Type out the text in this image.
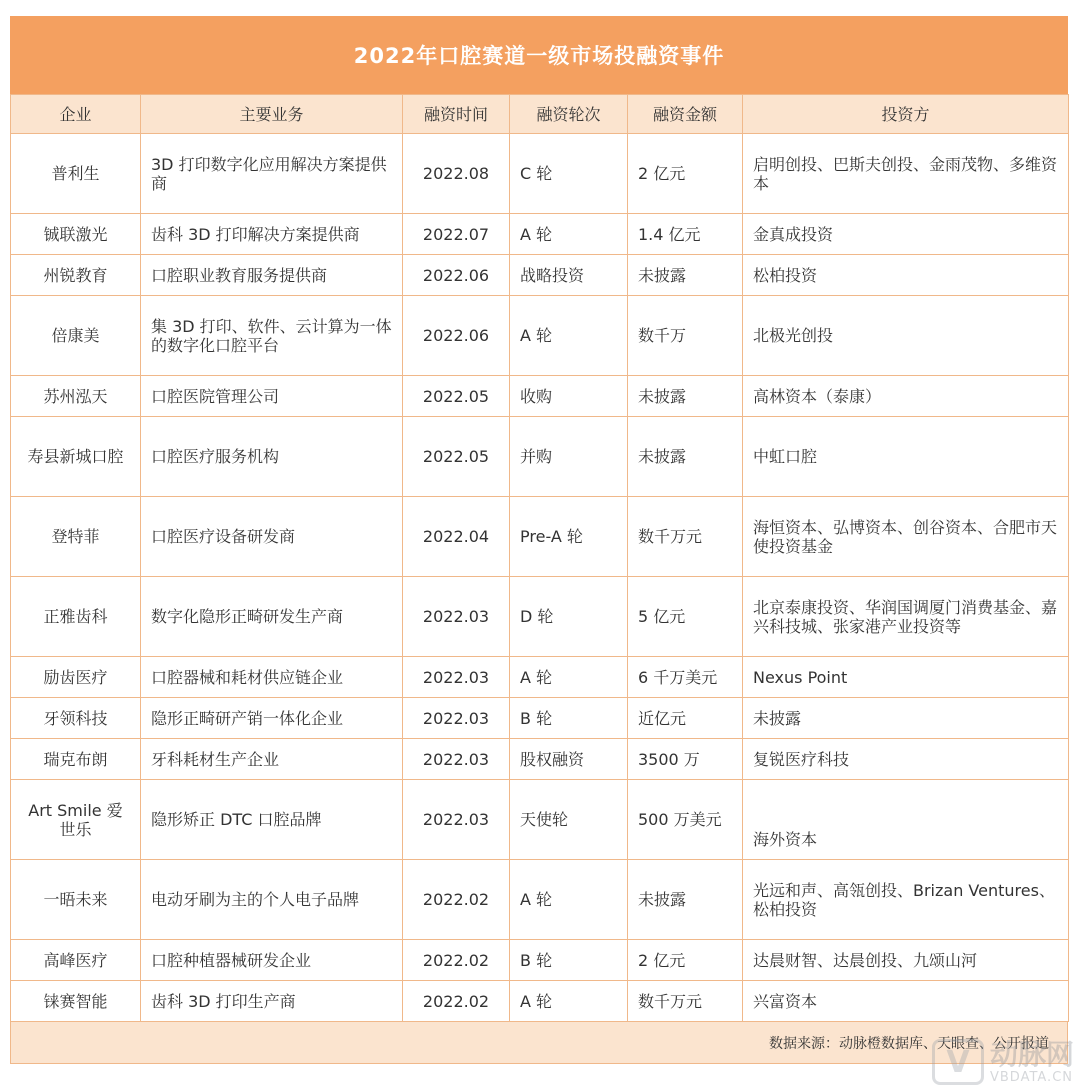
2022年口腔赛道一级市场投融资事件
企业	主要业务	融资时间	融资轮次	融资金额	投资方
普利生	3D 打印数字化应用解决方案提供商	2022.08	C 轮	2 亿元	启明创投、巴斯夫创投、金雨茂物、多维资本
铖联激光	齿科 3D 打印解决方案提供商	2022.07	A 轮	1.4 亿元	金真成投资
州锐教育	口腔职业教育服务提供商	2022.06	战略投资	未披露	松柏投资
倍康美	集 3D 打印、软件、云计算为一体的数字化口腔平台	2022.06	A 轮	数千万	北极光创投
苏州泓天	口腔医院管理公司	2022.05	收购	未披露	高林资本（泰康）
寿县新城口腔	口腔医疗服务机构	2022.05	并购	未披露	中虹口腔
登特菲	口腔医疗设备研发商	2022.04	Pre-A 轮	数千万元	海恒资本、弘博资本、创谷资本、合肥市天使投资基金
正雅齿科	数字化隐形正畸研发生产商	2022.03	D 轮	5 亿元	北京泰康投资、华润国调厦门消费基金、嘉兴科技城、张家港产业投资等
励齿医疗	口腔器械和耗材供应链企业	2022.03	A 轮	6 千万美元	Nexus Point
牙领科技	隐形正畸研产销一体化企业	2022.03	B 轮	近亿元	未披露
瑞克布朗	牙科耗材生产企业	2022.03	股权融资	3500 万	复锐医疗科技
Art Smile 爱世乐	隐形矫正 DTC 口腔品牌	2022.03	天使轮	500 万美元	海外资本
一晤未来	电动牙刷为主的个人电子品牌	2022.02	A 轮	未披露	光远和声、高瓴创投、Brizan Ventures、松柏投资
高峰医疗	口腔种植器械研发企业	2022.02	B 轮	2 亿元	达晨财智、达晨创投、九颂山河
铼赛智能	齿科 3D 打印生产商	2022.02	A 轮	数千万元	兴富资本
数据来源：动脉橙数据库、天眼查、公开报道
V 动脉网
VBDATA.CN
